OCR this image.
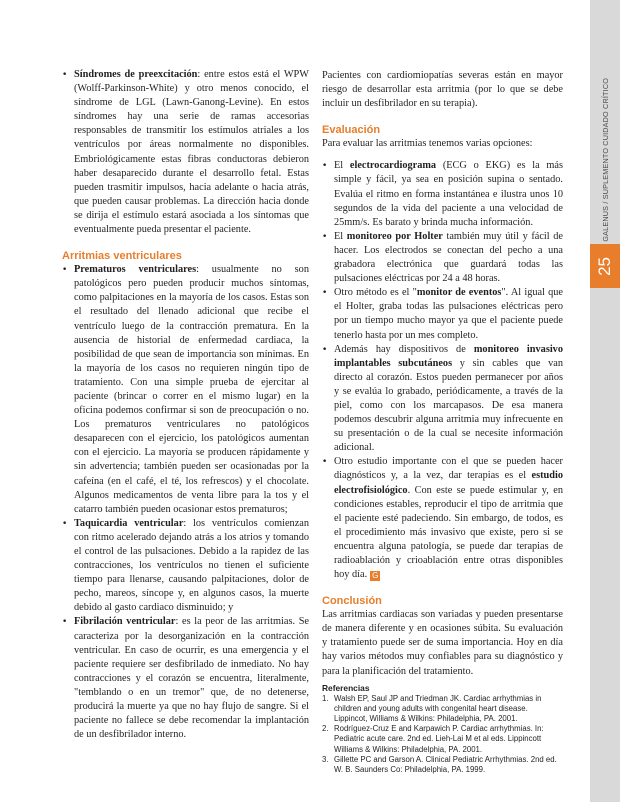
GALENUS / SUPLEMENTO CUIDADO CRÍTICO
25
• Síndromes de preexcitación: entre estos está el WPW (Wolff-Parkinson-White) y otro menos conocido, el síndrome de LGL (Lawn-Ganong-Levine). En estos síndromes hay una serie de ramas accesorias responsables de transmitir los estímulos atriales a los ventrículos por áreas normalmente no disponibles. Embriológicamente estas fibras conductoras debieron haber desaparecido durante el desarrollo fetal. Estas pueden trasmitir impulsos, hacia adelante o hacia atrás, que pueden causar problemas. La dirección hacia donde se dirija el estímulo estará asociada a los síntomas que eventualmente pueda presentar el paciente.
Arritmias ventriculares
• Prematuros ventriculares: usualmente no son patológicos pero pueden producir muchos síntomas, como palpitaciones en la mayoría de los casos. Estas son el resultado del llenado adicional que recibe el ventrículo luego de la contracción prematura. En la ausencia de historial de enfermedad cardiaca, la posibilidad de que sean de importancia son mínimas. En la mayoría de los casos no requieren ningún tipo de tratamiento. Con una simple prueba de ejercitar al paciente (brincar o correr en el mismo lugar) en la oficina podemos confirmar si son de preocupación o no. Los prematuros ventriculares no patológicos desaparecen con el ejercicio, los patológicos aumentan con el ejercicio. La mayoría se producen rápidamente y sin advertencia; también pueden ser ocasionadas por la cafeína (en el café, el té, los refrescos) y el chocolate. Algunos medicamentos de venta libre para la tos y el catarro también pueden ocasionar estos prematuros;
• Taquicardia ventricular: los ventrículos comienzan con ritmo acelerado dejando atrás a los atrios y tomando el control de las pulsaciones. Debido a la rapidez de las contracciones, los ventrículos no tienen el suficiente tiempo para llenarse, causando palpitaciones, dolor de pecho, mareos, síncope y, en algunos casos, la muerte debido al gasto cardiaco disminuido; y
• Fibrilación ventricular: es la peor de las arritmias. Se caracteriza por la desorganización en la contracción ventricular. En caso de ocurrir, es una emergencia y el paciente requiere ser desfibrilado de inmediato. No hay contracciones y el corazón se encuentra, literalmente, "temblando o en un tremor" que, de no detenerse, producirá la muerte ya que no hay flujo de sangre. Si el paciente no fallece se debe recomendar la implantación de un desfibrilador interno.

Pacientes con cardiomiopatías severas están en mayor riesgo de desarrollar esta arritmia (por lo que se debe incluir un desfibrilador en su terapia).

Evaluación

Para evaluar las arritmias tenemos varias opciones:

• El electrocardiograma (ECG o EKG) es la más simple y fácil, ya sea en posición supina o sentado. Evalúa el ritmo en forma instantánea e ilustra unos 10 segundos de la vida del paciente a una velocidad de 25mm/s. Es barato y brinda mucha información.
• El monitoreo por Holter también muy útil y fácil de hacer. Los electrodos se conectan del pecho a una grabadora electrónica que guardará todas las pulsaciones eléctricas por 24 a 48 horas.
• Otro método es el "monitor de eventos". Al igual que el Holter, graba todas las pulsaciones eléctricas pero por un tiempo mucho mayor ya que el paciente puede tenerlo hasta por un mes completo.
• Además hay dispositivos de monitoreo invasivo implantables subcutáneos y sin cables que van directo al corazón. Estos pueden permanecer por años y se evalúa lo grabado, periódicamente, a través de la piel, como con los marcapasos. De esa manera podemos descubrir alguna arritmia muy infrecuente en su presentación o de la cual se necesite información adicional.
• Otro estudio importante con el que se pueden hacer diagnósticos y, a la vez, dar terapias es el estudio electrofisiológico. Con este se puede estimular y, en condiciones estables, reproducir el tipo de arritmia que el paciente esté padeciendo. Sin embargo, de todos, es el procedimiento más invasivo que existe, pero si se encuentra alguna patología, se puede dar terapias de radioablación y crioablación entre otras disponibles hoy día. G
Conclusión

Las arritmias cardiacas son variadas y pueden presentarse de manera diferente y en ocasiones súbita. Su evaluación y tratamiento puede ser de suma importancia. Hoy en día hay varios métodos muy confiables para su diagnóstico y para la planificación del tratamiento.

Referencias
1. Walsh EP, Saul JP and Triedman JK. Cardiac arrhythmias in children and young adults with congenital heart disease. Lippincot, Williams & Wilkins: Philadelphia, PA. 2001.
2. Rodríguez-Cruz E and Karpawich P. Cardiac arrhythmias. In: Pediatric acute care. 2nd ed. Lieh-Lai M et al eds. Lippincott Williams & Wilkins: Philadelphia, PA. 2001.
3. Gillette PC and Garson A. Clinical Pediatric Arrhythmias. 2nd ed. W. B. Saunders Co: Philadelphia, PA. 1999.
